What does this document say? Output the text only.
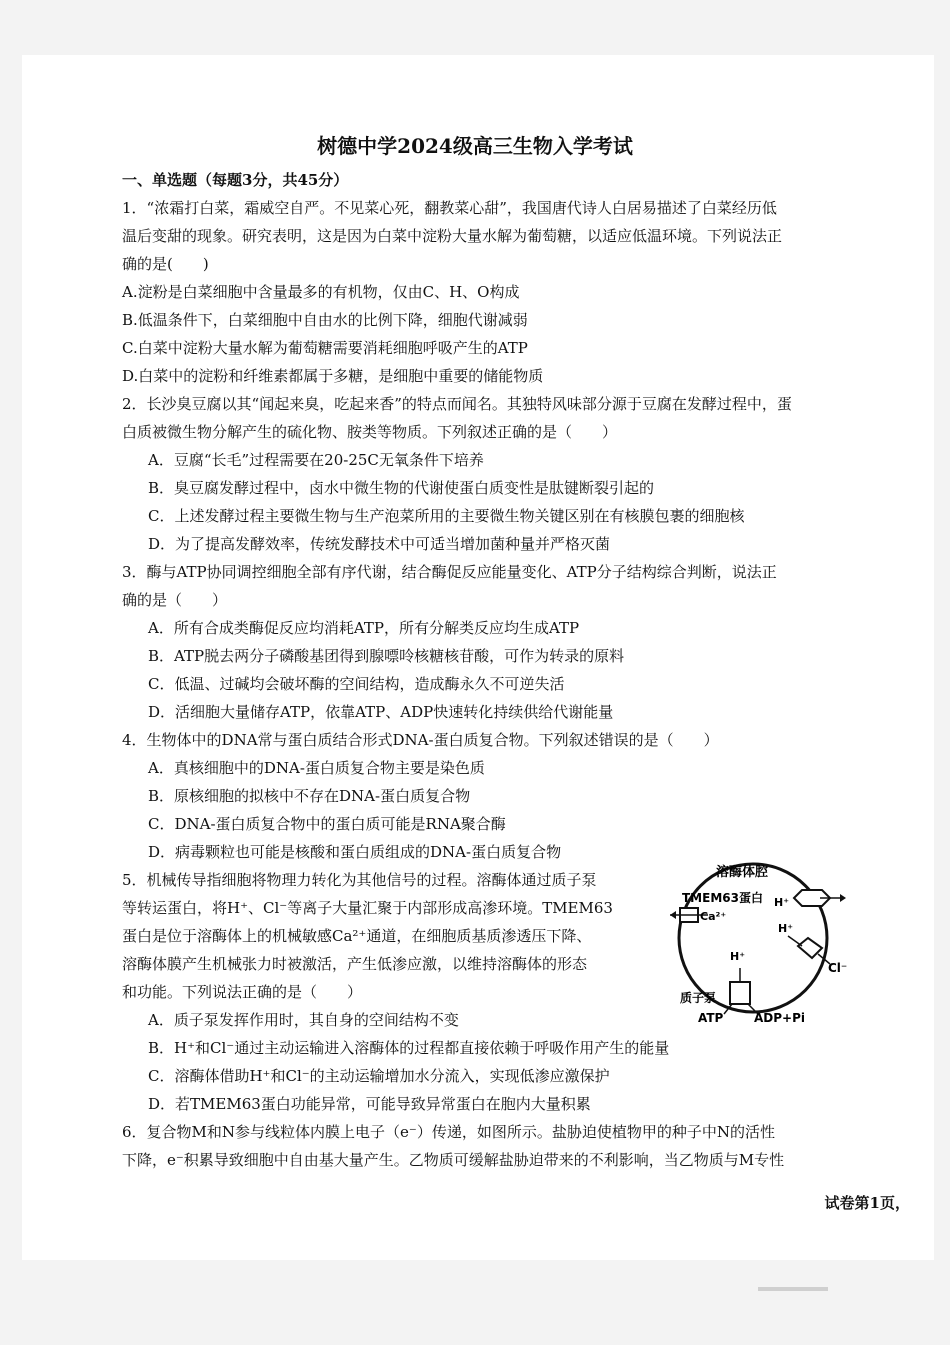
树德中学2024级高三生物入学考试
一、单选题（每题3分，共45分）
1．“浓霜打白菜，霜威空自严。不见菜心死，翻教菜心甜”，我国唐代诗人白居易描述了白菜经历低
温后变甜的现象。研究表明，这是因为白菜中淀粉大量水解为葡萄糖，以适应低温环境。下列说法正
确的是(　　)
A.淀粉是白菜细胞中含量最多的有机物，仅由C、H、O构成
B.低温条件下，白菜细胞中自由水的比例下降，细胞代谢减弱
C.白菜中淀粉大量水解为葡萄糖需要消耗细胞呼吸产生的ATP
D.白菜中的淀粉和纤维素都属于多糖，是细胞中重要的储能物质
2．长沙臭豆腐以其“闻起来臭，吃起来香”的特点而闻名。其独特风味部分源于豆腐在发酵过程中，蛋
白质被微生物分解产生的硫化物、胺类等物质。下列叙述正确的是（　　）
A．豆腐“长毛”过程需要在20-25C无氧条件下培养
B．臭豆腐发酵过程中，卤水中微生物的代谢使蛋白质变性是肽键断裂引起的
C．上述发酵过程主要微生物与生产泡菜所用的主要微生物关键区别在有核膜包裹的细胞核
D．为了提高发酵效率，传统发酵技术中可适当增加菌种量并严格灭菌
3．酶与ATP协同调控细胞全部有序代谢，结合酶促反应能量变化、ATP分子结构综合判断，说法正
确的是（　　）
A．所有合成类酶促反应均消耗ATP，所有分解类反应均生成ATP
B．ATP脱去两分子磷酸基团得到腺嘌呤核糖核苷酸，可作为转录的原料
C．低温、过碱均会破坏酶的空间结构，造成酶永久不可逆失活
D．活细胞大量储存ATP，依靠ATP、ADP快速转化持续供给代谢能量
4．生物体中的DNA常与蛋白质结合形式DNA-蛋白质复合物。下列叙述错误的是（　　）
A．真核细胞中的DNA-蛋白质复合物主要是染色质
B．原核细胞的拟核中不存在DNA-蛋白质复合物
C．DNA-蛋白质复合物中的蛋白质可能是RNA聚合酶
D．病毒颗粒也可能是核酸和蛋白质组成的DNA-蛋白质复合物
5．机械传导指细胞将物理力转化为其他信号的过程。溶酶体通过质子泵
等转运蛋白，将H⁺、Cl⁻等离子大量汇聚于内部形成高渗环境。TMEM63
蛋白是位于溶酶体上的机械敏感Ca²⁺通道，在细胞质基质渗透压下降、
溶酶体膜产生机械张力时被激活，产生低渗应激，以维持溶酶体的形态
和功能。下列说法正确的是（　　）
A．质子泵发挥作用时，其自身的空间结构不变
B．H⁺和Cl⁻通过主动运输进入溶酶体的过程都直接依赖于呼吸作用产生的能量
C．溶酶体借助H⁺和Cl⁻的主动运输增加水分流入，实现低渗应激保护
D．若TMEM63蛋白功能异常，可能导致异常蛋白在胞内大量积累
6．复合物M和N参与线粒体内膜上电子（e⁻）传递，如图所示。盐胁迫使植物甲的种子中N的活性
下降，e⁻积累导致细胞中自由基大量产生。乙物质可缓解盐胁迫带来的不利影响，当乙物质与M专性
溶酶体腔
TMEM63蛋白
Ca²⁺
H⁺
H⁺
Cl⁻
H⁺
质子泵
ATP	ADP+Pi
试卷第1页，
